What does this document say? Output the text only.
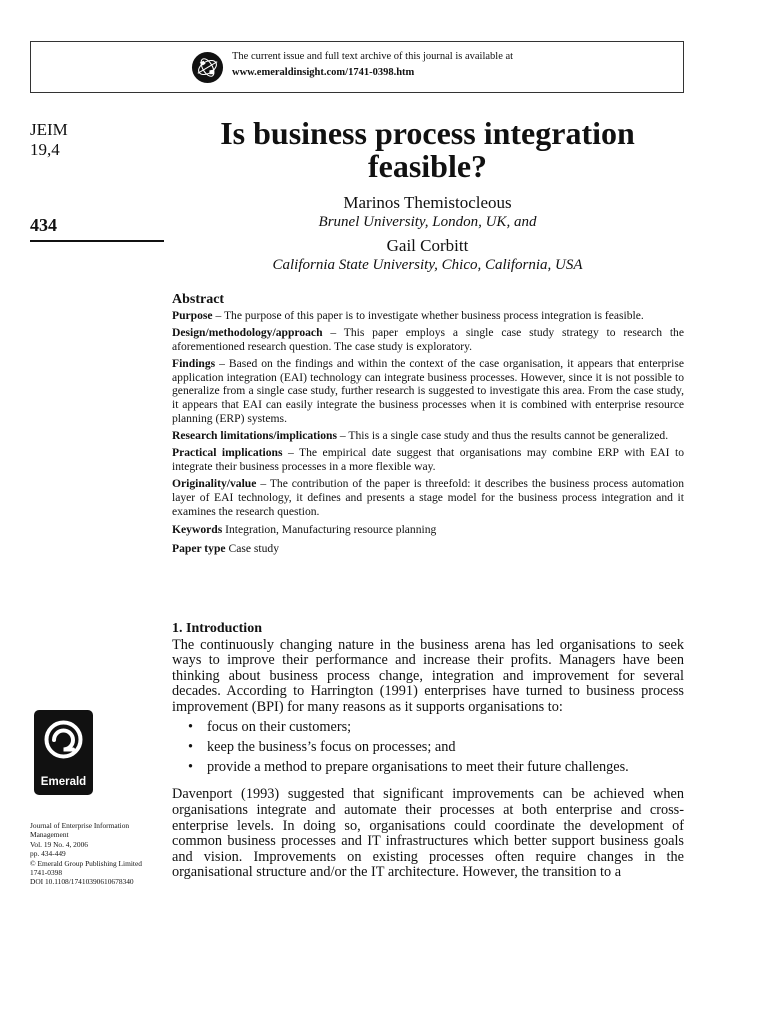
The current issue and full text archive of this journal is available at
www.emeraldinsight.com/1741-0398.htm
JEIM
19,4
434
Is business process integration
feasible?
Marinos Themistocleous
Brunel University, London, UK, and
Gail Corbitt
California State University, Chico, California, USA
Abstract

Purpose – The purpose of this paper is to investigate whether business process integration is feasible.

Design/methodology/approach – This paper employs a single case study strategy to research the aforementioned research question. The case study is exploratory.

Findings – Based on the findings and within the context of the case organisation, it appears that enterprise application integration (EAI) technology can integrate business processes. However, since it is not possible to generalize from a single case study, further research is suggested to investigate this area. From the case study, it appears that EAI can easily integrate the business processes when it is combined with enterprise resource planning (ERP) systems.

Research limitations/implications – This is a single case study and thus the results cannot be generalized.

Practical implications – The empirical date suggest that organisations may combine ERP with EAI to integrate their business processes in a more flexible way.

Originality/value – The contribution of the paper is threefold: it describes the business process automation layer of EAI technology, it defines and presents a stage model for the business process integration and it examines the research question.

Keywords Integration, Manufacturing resource planning

Paper type Case study

1. Introduction

The continuously changing nature in the business arena has led organisations to seek ways to improve their performance and increase their profits. Managers have been thinking about business process change, integration and improvement for several decades. According to Harrington (1991) enterprises have turned to business process improvement (BPI) for many reasons as it supports organisations to:

• focus on their customers;
• keep the business’s focus on processes; and
• provide a method to prepare organisations to meet their future challenges.

Davenport (1993) suggested that significant improvements can be achieved when organisations integrate and automate their processes at both enterprise and cross-enterprise levels. In doing so, organisations could coordinate the development of common business processes and IT infrastructures which better support business goals and vision. Improvements on existing processes often require changes in the organisational structure and/or the IT architecture. However, the transition to a

Emerald
Journal of Enterprise Information
Management
Vol. 19 No. 4, 2006
pp. 434-449
© Emerald Group Publishing Limited
1741-0398
DOI 10.1108/17410390610678340
